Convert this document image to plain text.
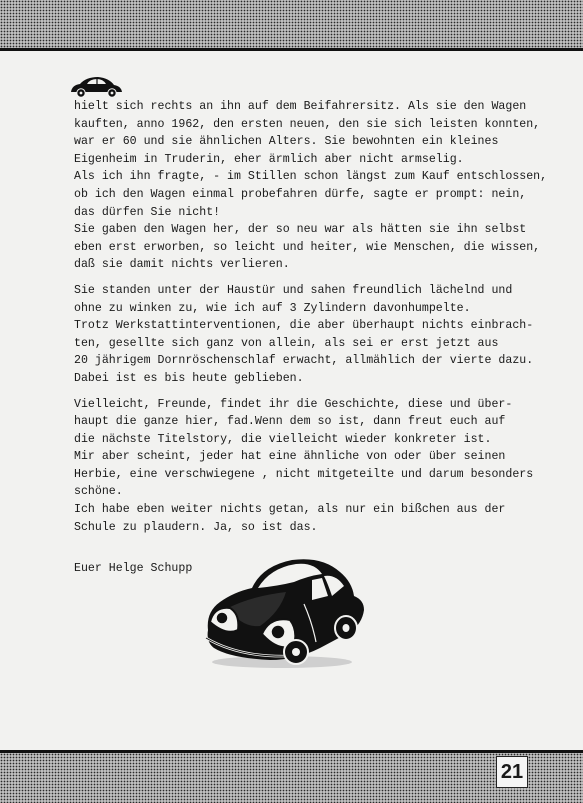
hielt sich rechts an ihn auf dem Beifahrersitz. Als sie den Wagen
kauften, anno 1962, den ersten neuen, den sie sich leisten konnten,
war er 60 und sie ähnlichen Alters. Sie bewohnten ein kleines
Eigenheim in Truderin, eher ärmlich aber nicht armselig.
Als ich ihn fragte, - im Stillen schon längst zum Kauf entschlossen,
ob ich den Wagen einmal probefahren dürfe, sagte er prompt: nein,
das dürfen Sie nicht!
Sie gaben den Wagen her, der so neu war als hätten sie ihn selbst
eben erst erworben, so leicht und heiter, wie Menschen, die wissen,
daß sie damit nichts verlieren.
Sie standen unter der Haustür und sahen freundlich lächelnd und
ohne zu winken zu, wie ich auf 3 Zylindern davonhumpelte.
Trotz Werkstattinterventionen, die aber überhaupt nichts einbrach-
ten, gesellte sich ganz von allein, als sei er erst jetzt aus
20 jährigem Dornröschenschlaf erwacht, allmählich der vierte dazu.
Dabei ist es bis heute geblieben.
Vielleicht, Freunde, findet ihr die Geschichte, diese und über-
haupt die ganze hier, fad.Wenn dem so ist, dann freut euch auf
die nächste Titelstory, die vielleicht wieder konkreter ist.
Mir aber scheint, jeder hat eine ähnliche von oder über seinen
Herbie, eine verschwiegene , nicht mitgeteilte und darum besonders
schöne.
Ich habe eben weiter nichts getan, als nur ein bißchen aus der
Schule zu plaudern. Ja, so ist das.
Euer Helge Schupp
21
